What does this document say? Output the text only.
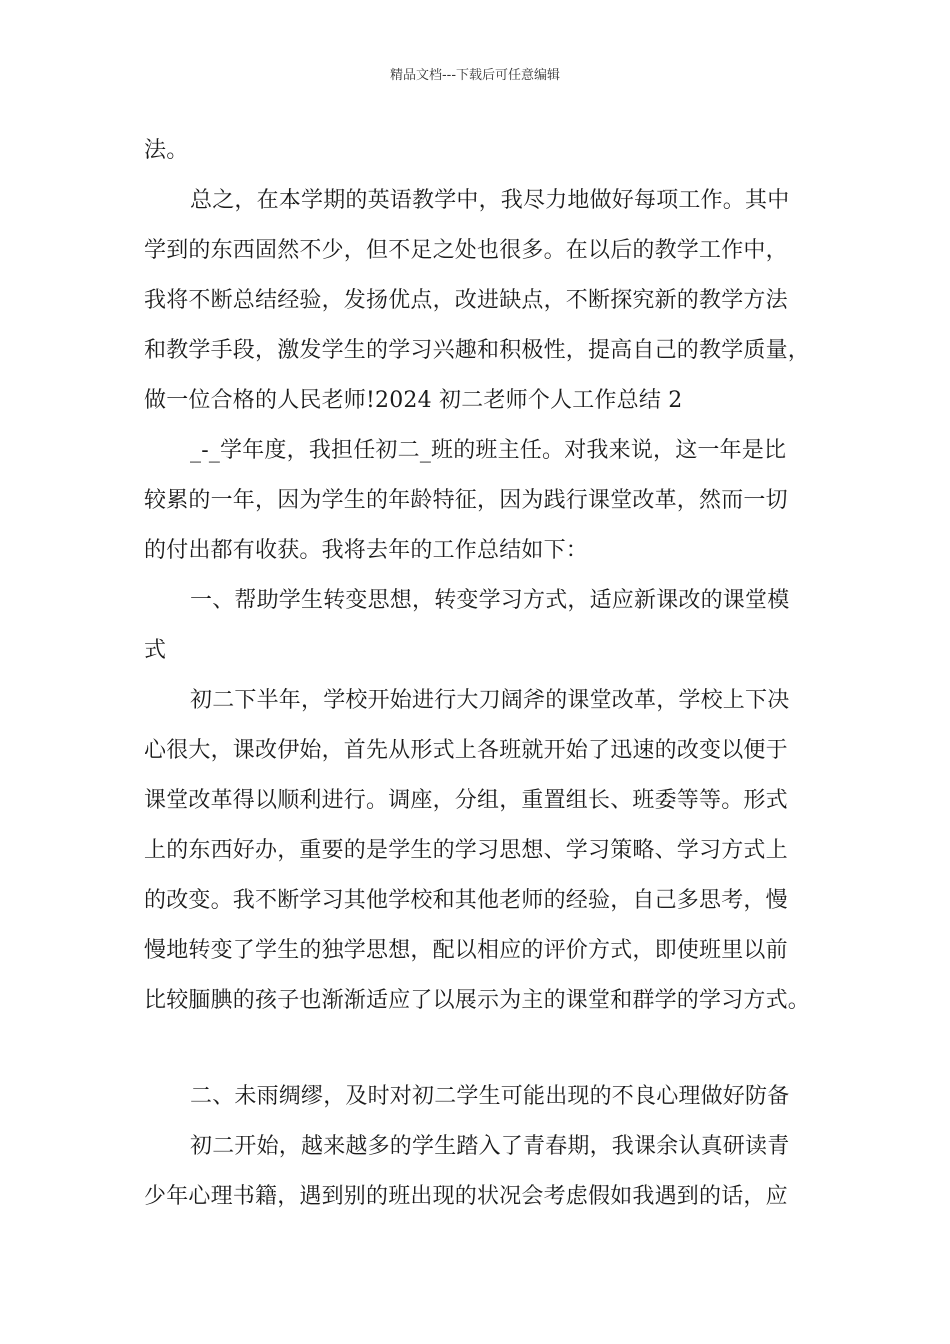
精品文档---下载后可任意编辑
法。
总之，在本学期的英语教学中，我尽力地做好每项工作。其中
学到的东西固然不少，但不足之处也很多。在以后的教学工作中，
我将不断总结经验，发扬优点，改进缺点，不断探究新的教学方法
和教学手段，激发学生的学习兴趣和积极性，提高自己的教学质量，
做一位合格的人民老师!2024 初二老师个人工作总结 2
_-_学年度，我担任初二_班的班主任。对我来说，这一年是比
较累的一年，因为学生的年龄特征，因为践行课堂改革，然而一切
的付出都有收获。我将去年的工作总结如下：
一、帮助学生转变思想，转变学习方式，适应新课改的课堂模
式
初二下半年，学校开始进行大刀阔斧的课堂改革，学校上下决
心很大，课改伊始，首先从形式上各班就开始了迅速的改变以便于
课堂改革得以顺利进行。调座，分组，重置组长、班委等等。形式
上的东西好办，重要的是学生的学习思想、学习策略、学习方式上
的改变。我不断学习其他学校和其他老师的经验，自己多思考，慢
慢地转变了学生的独学思想，配以相应的评价方式，即使班里以前
比较腼腆的孩子也渐渐适应了以展示为主的课堂和群学的学习方式。
二、未雨绸缪，及时对初二学生可能出现的不良心理做好防备
初二开始，越来越多的学生踏入了青春期，我课余认真研读青
少年心理书籍，遇到别的班出现的状况会考虑假如我遇到的话，应
